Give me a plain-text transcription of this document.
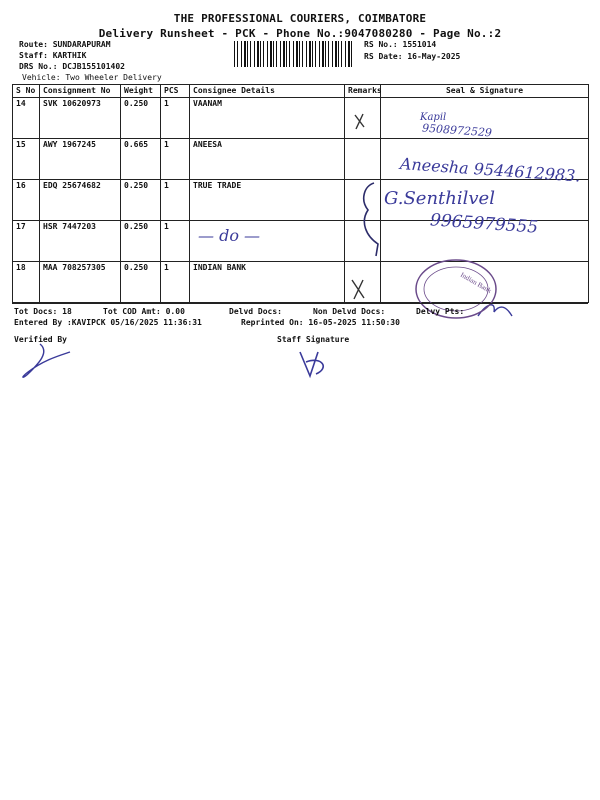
THE PROFESSIONAL COURIERS, COIMBATORE
Delivery Runsheet - PCK - Phone No.:9047080280 - Page No.:2
Route: SUNDARAPURAM
Staff: KARTHIK
DRS No.: DCJB155101402
Vehicle: Two Wheeler Delivery
RS No.: 1551014
RS Date: 16-May-2025
S No	Consignment No	Weight	PCS	Consignee Details	Remarks	Seal & Signature
14	SVK 10620973	0.250	1	VAANAM		
15	AWY 1967245	0.665	1	ANEESA		
16	EDQ 25674682	0.250	1	TRUE TRADE		
17	HSR 7447203	0.250	1			
18	MAA 708257305	0.250	1	INDIAN BANK		
Kapil
9508972529
Aneesha 9544612983.
G.Senthilvel
9965979555
— do —
Indian Bank
Tot Docs: 18	Tot COD Amt: 0.00	Delvd Docs:	Non Delvd Docs:	Delvy Pts:
Entered By :KAVIPCK 05/16/2025 11:36:31	Reprinted On: 16-05-2025 11:50:30
Verified By	Staff Signature
